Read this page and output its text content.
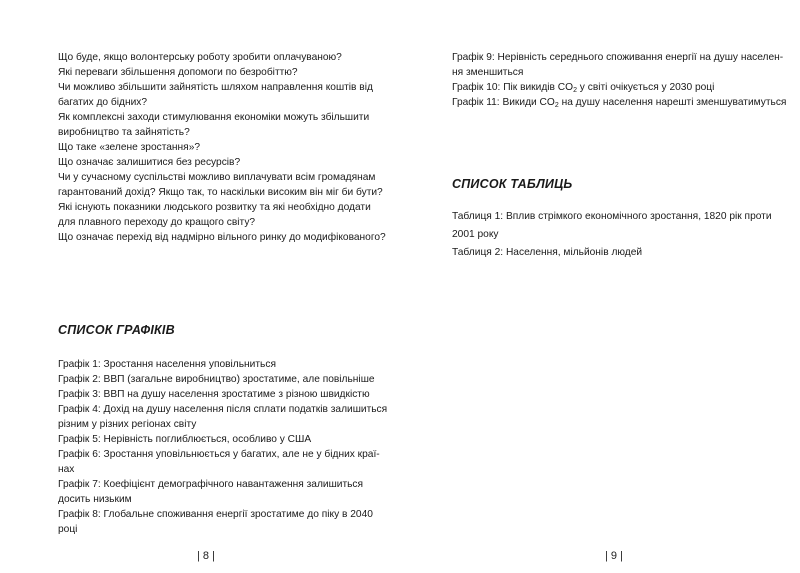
Що буде, якщо волонтерську роботу зробити оплачуваною?
Які переваги збільшення допомоги по безробіттю?
Чи можливо збільшити зайнятість шляхом направлення коштів від
багатих до бідних?
Як комплексні заходи стимулювання економіки можуть збільшити
виробництво та зайнятість?
Що таке «зелене зростання»?
Що означає залишитися без ресурсів?
Чи у сучасному суспільстві можливо виплачувати всім громадянам
гарантований дохід? Якщо так, то наскільки високим він міг би бути?
Які існують показники людського розвитку та які необхідно додати
для плавного переходу до кращого світу?
Що означає перехід від надмірно вільного ринку до модифікованого?
СПИСОК ГРАФІКІВ
Графік 1: Зростання населення уповільниться
Графік 2: ВВП (загальне виробництво) зростатиме, але повільніше
Графік 3: ВВП на душу населення зростатиме з різною швидкістю
Графік 4: Дохід на душу населення після сплати податків залишиться
різним у різних регіонах світу
Графік 5: Нерівність поглиблюється, особливо у США
Графік 6: Зростання уповільнюється у багатих, але не у бідних краї-
нах
Графік 7: Коефіцієнт демографічного навантаження залишиться
досить низьким
Графік 8: Глобальне споживання енергії зростатиме до піку в 2040
році
| 8 |
Графік 9: Нерівність середнього споживання енергії на душу населен-
ня зменшиться
Графік 10: Пік викидів $CO_2$ у світі очікується у 2030 році
Графік 11: Викиди $CO_2$ на душу населення нарешті зменшуватимуться
СПИСОК ТАБЛИЦЬ
Таблиця 1: Вплив стрімкого економічного зростання, 1820 рік проти
2001 року
Таблиця 2: Населення, мільйонів людей
| 9 |
